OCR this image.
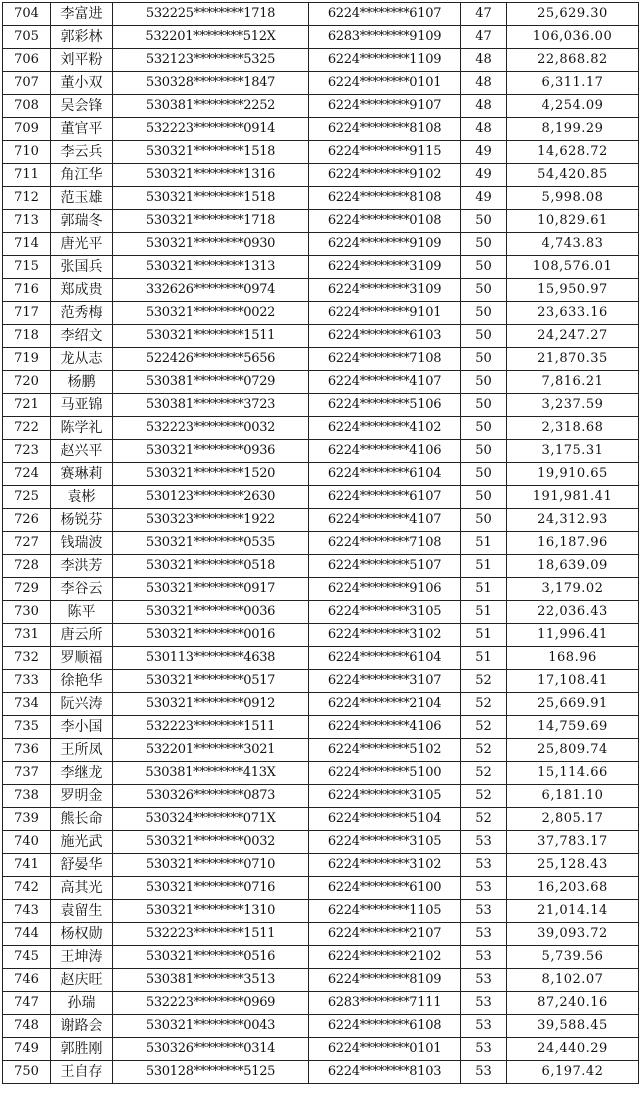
704	李富进	532225********1718	6224********6107	47	25,629.30
705	郭彩林	532201********512X	6283********9109	47	106,036.00
706	刘平粉	532123********5325	6224********1109	48	22,868.82
707	董小双	530328********1847	6224********0101	48	6,311.17
708	吴会锋	530381********2252	6224********9107	48	4,254.09
709	董官平	532223********0914	6224********8108	48	8,199.29
710	李云兵	530321********1518	6224********9115	49	14,628.72
711	角江华	530321********1316	6224********9102	49	54,420.85
712	范玉雄	530321********1518	6224********8108	49	5,998.08
713	郭瑞冬	530321********1718	6224********0108	50	10,829.61
714	唐光平	530321********0930	6224********9109	50	4,743.83
715	张国兵	530321********1313	6224********3109	50	108,576.01
716	郑成贵	332626********0974	6224********3109	50	15,950.97
717	范秀梅	530321********0022	6224********9101	50	23,633.16
718	李绍文	530321********1511	6224********6103	50	24,247.27
719	龙从志	522426********5656	6224********7108	50	21,870.35
720	杨鹏	530381********0729	6224********4107	50	7,816.21
721	马亚锦	530381********3723	6224********5106	50	3,237.59
722	陈学礼	532223********0032	6224********4102	50	2,318.68
723	赵兴平	530321********0936	6224********4106	50	3,175.31
724	赛琳莉	530321********1520	6224********6104	50	19,910.65
725	袁彬	530123********2630	6224********6107	50	191,981.41
726	杨锐芬	530323********1922	6224********4107	50	24,312.93
727	钱瑞波	530321********0535	6224********7108	51	16,187.96
728	李洪芳	530321********0518	6224********5107	51	18,639.09
729	李谷云	530321********0917	6224********9106	51	3,179.02
730	陈平	530321********0036	6224********3105	51	22,036.43
731	唐云所	530321********0016	6224********3102	51	11,996.41
732	罗顺福	530113********4638	6224********6104	51	168.96
733	徐艳华	530321********0517	6224********3107	52	17,108.41
734	阮兴涛	530321********0912	6224********2104	52	25,669.91
735	李小国	532223********1511	6224********4106	52	14,759.69
736	王所凤	532201********3021	6224********5102	52	25,809.74
737	李继龙	530381********413X	6224********5100	52	15,114.66
738	罗明金	530326********0873	6224********3105	52	6,181.10
739	熊长命	530324********071X	6224********5104	52	2,805.17
740	施光武	530321********0032	6224********3105	53	37,783.17
741	舒晏华	530321********0710	6224********3102	53	25,128.43
742	高其光	530321********0716	6224********6100	53	16,203.68
743	袁留生	530321********1310	6224********1105	53	21,014.14
744	杨权勋	532223********1511	6224********2107	53	39,093.72
745	王坤涛	530321********0516	6224********2102	53	5,739.56
746	赵庆旺	530381********3513	6224********8109	53	8,102.07
747	孙瑞	532223********0969	6283********7111	53	87,240.16
748	谢路会	530321********0043	6224********6108	53	39,588.45
749	郭胜刚	530326********0314	6224********0101	53	24,440.29
750	王自存	530128********5125	6224********8103	53	6,197.42
